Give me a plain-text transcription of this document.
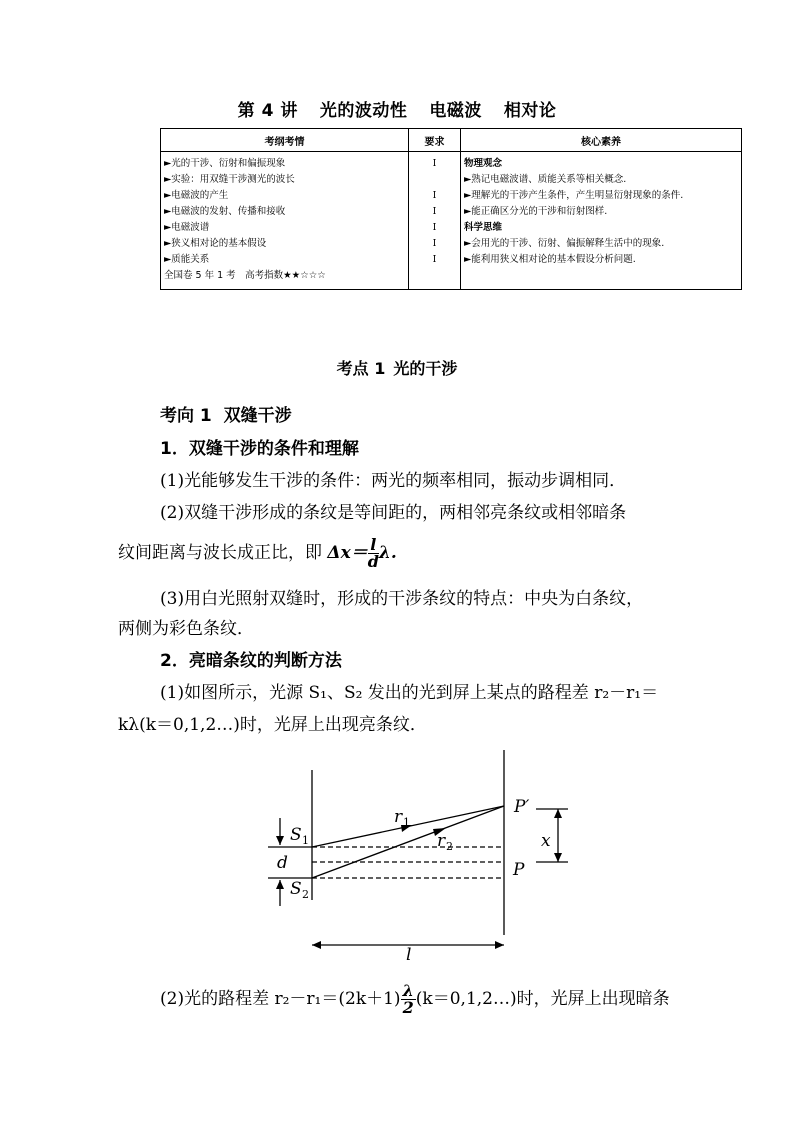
第 4 讲 光的波动性 电磁波 相对论
考纲考情	要求	核心素养
►光的干涉、衍射和偏振现象
►实验：用双缝干涉测光的波长
►电磁波的产生
►电磁波的发射、传播和接收
►电磁波谱
►狭义相对论的基本假设
►质能关系
全国卷 5 年 1 考　高考指数★★☆☆☆
Ⅰ
Ⅰ
Ⅰ
Ⅰ
Ⅰ
Ⅰ
物理观念
►熟记电磁波谱、质能关系等相关概念.
►理解光的干涉产生条件，产生明显衍射现象的条件.
►能正确区分光的干涉和衍射图样.
科学思维
►会用光的干涉、衍射、偏振解释生活中的现象.
►能利用狭义相对论的基本假设分析问题.
考点 1 光的干涉
考向 1 双缝干涉
1．双缝干涉的条件和理解
(1)光能够发生干涉的条件：两光的频率相同，振动步调相同．
(2)双缝干涉形成的条纹是等间距的，两相邻亮条纹或相邻暗条
纹间距离与波长成正比，即 $\Delta x= \frac{l}{d} \lambda$.
(3)用白光照射双缝时，形成的干涉条纹的特点：中央为白条纹，
两侧为彩色条纹．
2．亮暗条纹的判断方法
(1)如图所示，光源 S₁、S₂ 发出的光到屏上某点的路程差 r₂－r₁＝
kλ(k＝0,1,2…)时，光屏上出现亮条纹．
r 1
r 2
S 1
d
S 2
P′
P
x
l
(2)光的路程差 $r_2-r_1=(2k+1) \frac{\lambda}{2}$ (k＝0,1,2…)时，光屏上出现暗条
